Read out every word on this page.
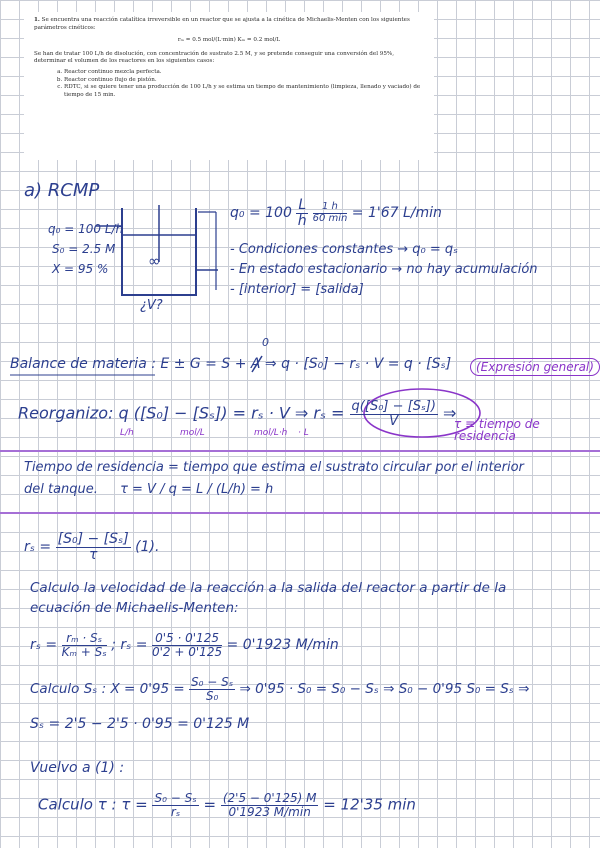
1. Se encuentra una reacción catalítica irreversible en un reactor que se ajusta a la cinética de Michaelis-Menten con los siguientes parámetros cinéticos:

rₘ = 0.5 mol/(L·min) Kₘ = 0.2 mol/L

Se han de tratar 100 L/h de disolución, con concentración de sustrato 2.5 M, y se pretende conseguir una conversión del 95%, determinar el volumen de los reactores en los siguientes casos:

a. Reactor continuo mezcla perfecta.
b. Reactor continuo flujo de pistón.
c. RDTC, si se quiere tener una producción de 100 L/h y se estima un tiempo de mantenimiento (limpieza, llenado y vaciado) de tiempo de 15 min.
a) RCMP
q₀ = 100 L/h
S₀ = 2.5 M
X = 95 %	∞
¿V?
$q_0 = 100 \frac{L}{h}$
$\frac{1 h}{60 \min} = 1'67$ L/min
- Condiciones constantes → q₀ = qₛ
- En estado estacionario → no hay acumulación
- [interior] = [salida]
0
Balance de materia : E ± G = S + A ⇒ q · [S₀] − rₛ · V = q · [Sₛ]	(Expresión general)
Reorganizo: q ([S₀] − [Sₛ]) = rₛ · V ⇒ $r_s = \frac{\text{q([S₀] − [Sₛ])}}{V}$ ⇒
L/h	mol/L	mol/L·h · L
τ ≡ tiempo de residencia
Tiempo de residencia = tiempo que estima el sustrato circular por el interior
del tanque. τ = V / q = L / (L/h) = h
$r_s = \frac{\text{[S₀] − [Sₛ]}}{\tau} (1)$.
Calculo la velocidad de la reacción a la salida del reactor a partir de la
ecuación de Michaelis-Menten:
$r_s = \frac{\text{rₘ · Sₛ}}{\text{Kₘ + Sₛ}}$ ; $r_s = \frac{0'5 \cdot 0'125}{0'2 + 0'125} = 0'1923$ M/min
Calculo Sₛ : $X = 0'95 = \frac{\text{S₀ − Sₛ}}{\text{S₀}}$ ⇒ 0'95 · S₀ = S₀ − Sₛ ⇒ S₀ − 0'95 S₀ = Sₛ ⇒
Sₛ = 2'5 − 2'5 · 0'95 = 0'125 M
Vuelvo a (1) :
Calculo τ : $\tau = \frac{\text{S₀ − Sₛ}}{\text{rₛ}} = \frac{(2'5 - 0'125) M}{0'1923 M/\min} = 12'35$ min
